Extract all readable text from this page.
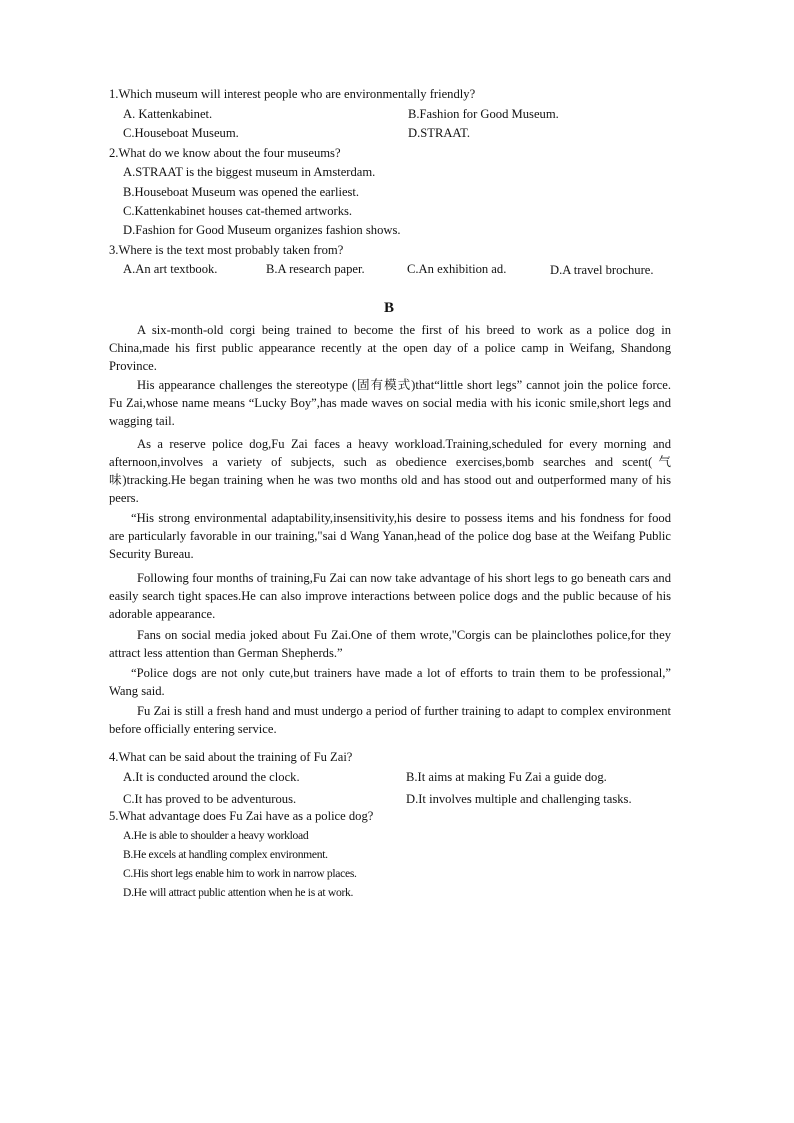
1.Which museum will interest people who are environmentally friendly?
A. Kattenkabinet.	B.Fashion for Good Museum.
C.Houseboat Museum.	D.STRAAT.
2.What do we know about the four museums?
A.STRAAT is the biggest museum in Amsterdam.
B.Houseboat Museum was opened the earliest.
C.Kattenkabinet houses cat-themed artworks.
D.Fashion for Good Museum organizes fashion shows.
3.Where is the text most probably taken from?
A.An art textbook.	B.A research paper.	C.An exhibition ad.	D.A travel brochure.
B

A six-month-old corgi being trained to become the first of his breed to work as a police dog in China,made his first public appearance recently at the open day of a police camp in Weifang, Shandong Province.

His appearance challenges the stereotype (固有模式)that“little short legs” cannot join the police force. Fu Zai,whose name means “Lucky Boy”,has made waves on social media with his iconic smile,short legs and wagging tail.

As a reserve police dog,Fu Zai faces a heavy workload.Training,scheduled for every morning and afternoon,involves a variety of subjects, such as obedience exercises,bomb searches and scent(气味)tracking.He began training when he was two months old and has stood out and outperformed many of his peers.

“His strong environmental adaptability,insensitivity,his desire to possess items and his fondness for food are particularly favorable in our training,"sai d Wang Yanan,head of the police dog base at the Weifang Public Security Bureau.

Following four months of training,Fu Zai can now take advantage of his short legs to go beneath cars and easily search tight spaces.He can also improve interactions between police dogs and the public because of his adorable appearance.

Fans on social media joked about Fu Zai.One of them wrote,"Corgis can be plainclothes police,for they attract less attention than German Shepherds.”

“Police dogs are not only cute,but trainers have made a lot of efforts to train them to be professional,” Wang said.

Fu Zai is still a fresh hand and must undergo a period of further training to adapt to complex environment before officially entering service.

4.What can be said about the training of Fu Zai?
A.It is conducted around the clock.	B.It aims at making Fu Zai a guide dog.
C.It has proved to be adventurous.	D.It involves multiple and challenging tasks.
5.What advantage does Fu Zai have as a police dog?
A.He is able to shoulder a heavy workload
B.He excels at handling complex environment.
C.His short legs enable him to work in narrow places.
D.He will attract public attention when he is at work.
